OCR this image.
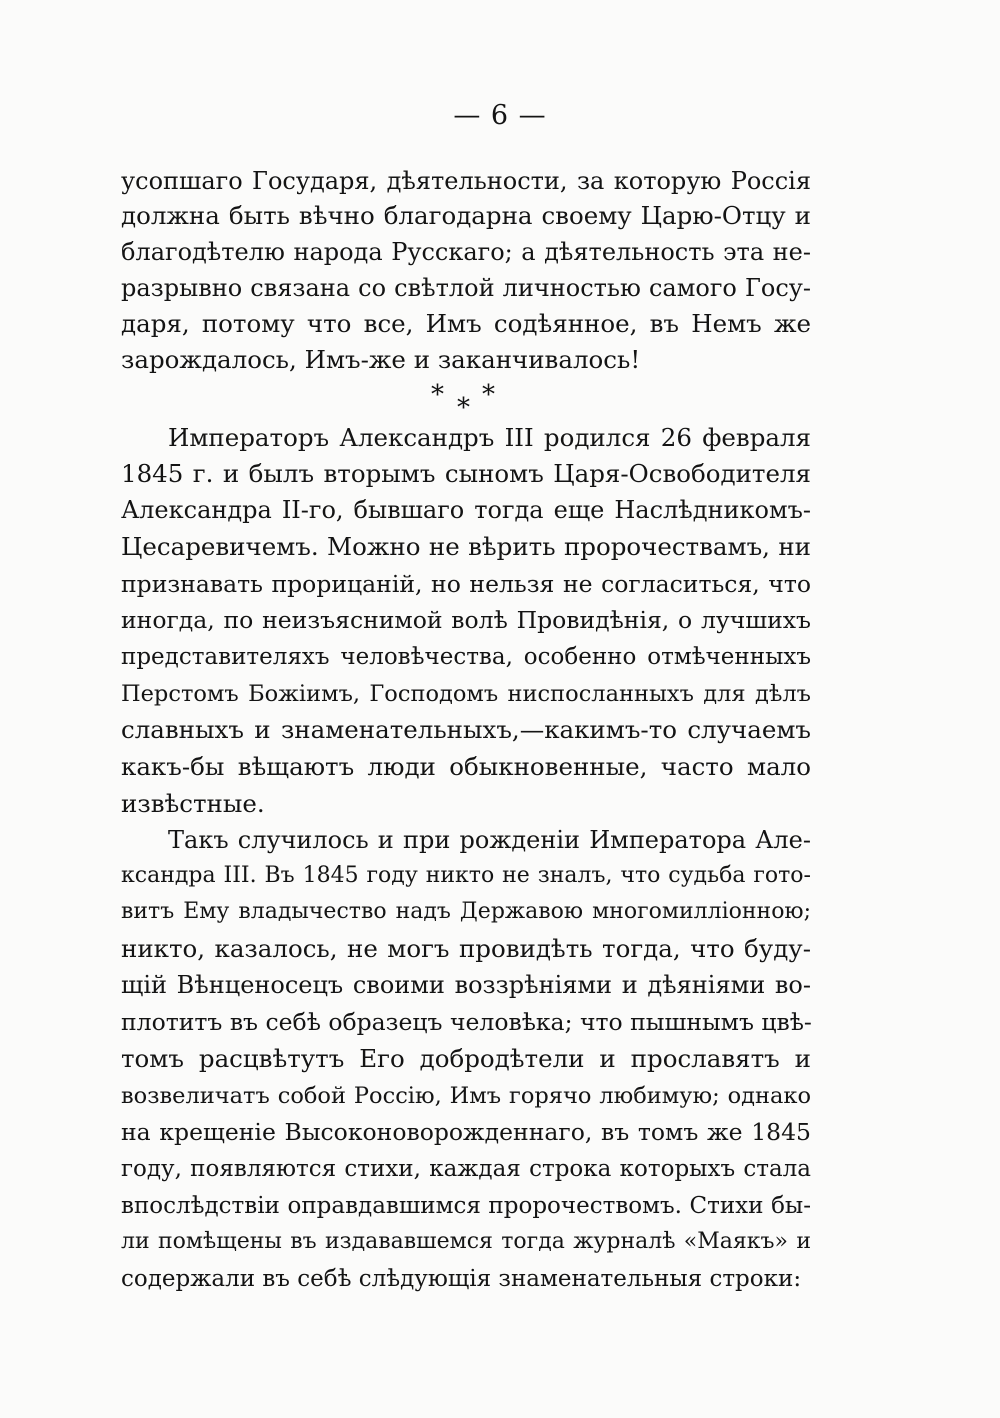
— 6 —
усопшаго Государя, дѣятельности, за которую Россія
должна быть вѣчно благодарна своему Царю-Отцу и
благодѣтелю народа Русскаго; а дѣятельность эта не-
разрывно связана со свѣтлой личностью самого Госу-
даря, потому что все, Имъ содѣянное, въ Немъ же
зарождалось, Имъ-же и заканчивалось!
* * *
Императоръ Александръ III родился 26 февраля
1845 г. и былъ вторымъ сыномъ Царя-Освободителя
Александра II-го, бывшаго тогда еще Наслѣдникомъ-
Цесаревичемъ. Можно не вѣрить пророчествамъ, ни
признавать прорицаній, но нельзя не согласиться, что
иногда, по неизъяснимой волѣ Провидѣнія, о лучшихъ
представителяхъ человѣчества, особенно отмѣченныхъ
Перстомъ Божіимъ, Господомъ ниспосланныхъ для дѣлъ
славныхъ и знаменательныхъ,—какимъ-то случаемъ
какъ-бы вѣщаютъ люди обыкновенные, часто мало
извѣстные.
Такъ случилось и при рожденіи Императора Але-
ксандра III. Въ 1845 году никто не зналъ, что судьба гото-
витъ Ему владычество надъ Державою многомилліонною;
никто, казалось, не могъ провидѣть тогда, что буду-
щій Вѣнценосецъ своими воззрѣніями и дѣяніями во-
плотитъ въ себѣ образецъ человѣка; что пышнымъ цвѣ-
томъ расцвѣтутъ Его добродѣтели и прославятъ и
возвеличатъ собой Россію, Имъ горячо любимую; однако
на крещеніе Высоконоворожденнаго, въ томъ же 1845
году, появляются стихи, каждая строка которыхъ стала
впослѣдствіи оправдавшимся пророчествомъ. Стихи бы-
ли помѣщены въ издававшемся тогда журналѣ «Маякъ» и
содержали въ себѣ слѣдующія знаменательныя строки:
